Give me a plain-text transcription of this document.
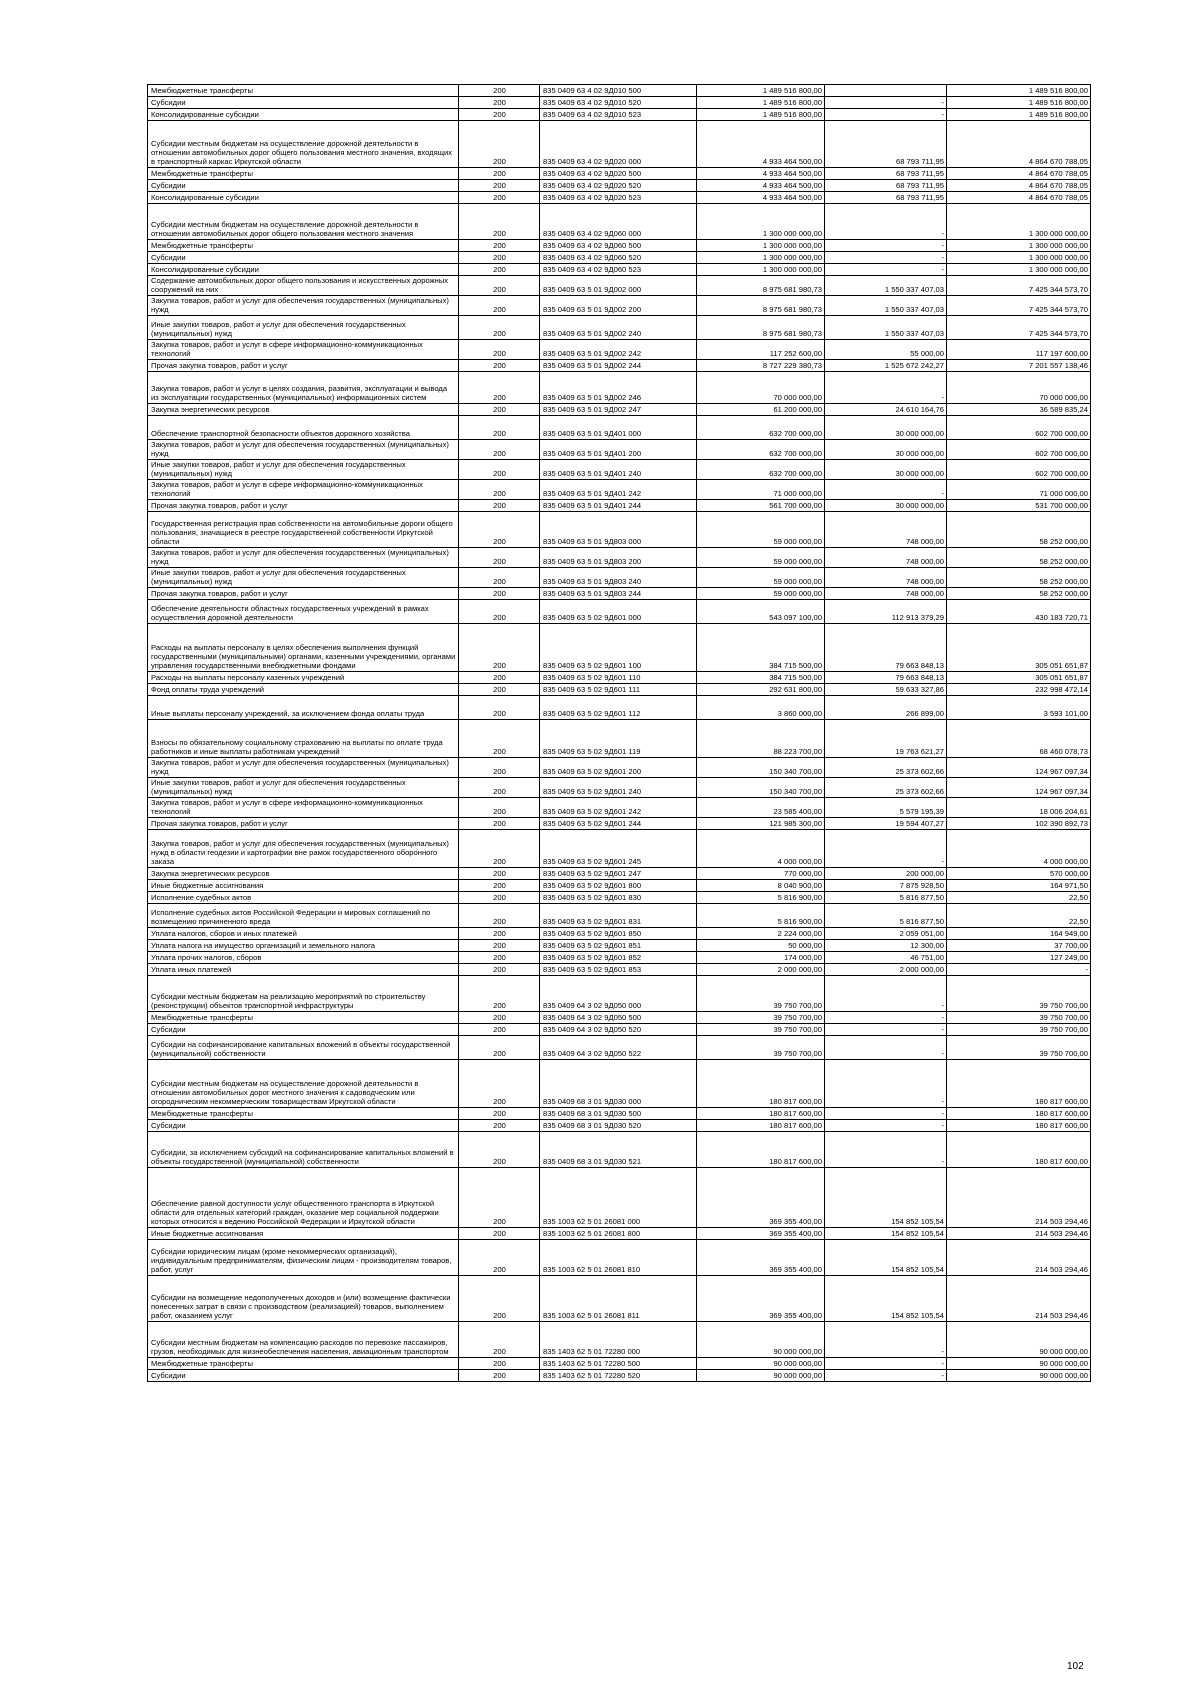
Межбюджетные трансферты	200	835 0409 63 4 02 9Д010 500	1 489 516 800,00		1 489 516 800,00
Субсидии	200	835 0409 63 4 02 9Д010 520	1 489 516 800,00	-	1 489 516 800,00
Консолидированные субсидии	200	835 0409 63 4 02 9Д010 523	1 489 516 800,00	-	1 489 516 800,00
Субсидии местным бюджетам на осуществление дорожной деятельности в отношении автомобильных дорог общего пользования местного значения, входящих в транспортный каркас Иркутской области	200	835 0409 63 4 02 9Д020 000	4 933 464 500,00	68 793 711,95	4 864 670 788,05
Межбюджетные трансферты	200	835 0409 63 4 02 9Д020 500	4 933 464 500,00	68 793 711,95	4 864 670 788,05
Субсидии	200	835 0409 63 4 02 9Д020 520	4 933 464 500,00	68 793 711,95	4 864 670 788,05
Консолидированные субсидии	200	835 0409 63 4 02 9Д020 523	4 933 464 500,00	68 793 711,95	4 864 670 788,05
Субсидии местным бюджетам на осуществление дорожной деятельности в отношении автомобильных дорог общего пользования местного значения	200	835 0409 63 4 02 9Д060 000	1 300 000 000,00	-	1 300 000 000,00
Межбюджетные трансферты	200	835 0409 63 4 02 9Д060 500	1 300 000 000,00	-	1 300 000 000,00
Субсидии	200	835 0409 63 4 02 9Д060 520	1 300 000 000,00	-	1 300 000 000,00
Консолидированные субсидии	200	835 0409 63 4 02 9Д060 523	1 300 000 000,00	-	1 300 000 000,00
Содержание автомобильных дорог общего пользования и искусственных дорожных сооружений на них	200	835 0409 63 5 01 9Д002 000	8 975 681 980,73	1 550 337 407,03	7 425 344 573,70
Закупка товаров, работ и услуг для обеспечения государственных (муниципальных) нужд	200	835 0409 63 5 01 9Д002 200	8 975 681 980,73	1 550 337 407,03	7 425 344 573,70
Иные закупки товаров, работ и услуг для обеспечения государственных (муниципальных) нужд	200	835 0409 63 5 01 9Д002 240	8 975 681 980,73	1 550 337 407,03	7 425 344 573,70
Закупка товаров, работ и услуг в сфере информационно-коммуникационных технологий	200	835 0409 63 5 01 9Д002 242	117 252 600,00	55 000,00	117 197 600,00
Прочая закупка товаров, работ и услуг	200	835 0409 63 5 01 9Д002 244	8 727 229 380,73	1 525 672 242,27	7 201 557 138,46
Закупка товаров, работ и услуг в целях создания, развития, эксплуатации и вывода из эксплуатации государственных (муниципальных) информационных систем	200	835 0409 63 5 01 9Д002 246	70 000 000,00	-	70 000 000,00
Закупка энергетических ресурсов	200	835 0409 63 5 01 9Д002 247	61 200 000,00	24 610 164,76	36 589 835,24
Обеспечение транспортной безопасности объектов дорожного хозяйства	200	835 0409 63 5 01 9Д401 000	632 700 000,00	30 000 000,00	602 700 000,00
Закупка товаров, работ и услуг для обеспечения государственных (муниципальных) нужд	200	835 0409 63 5 01 9Д401 200	632 700 000,00	30 000 000,00	602 700 000,00
Иные закупки товаров, работ и услуг для обеспечения государственных (муниципальных) нужд	200	835 0409 63 5 01 9Д401 240	632 700 000,00	30 000 000,00	602 700 000,00
Закупка товаров, работ и услуг в сфере информационно-коммуникационных технологий	200	835 0409 63 5 01 9Д401 242	71 000 000,00	-	71 000 000,00
Прочая закупка товаров, работ и услуг	200	835 0409 63 5 01 9Д401 244	561 700 000,00	30 000 000,00	531 700 000,00
Государственная регистрация прав собственности на автомобильные дороги общего пользования, значащиеся в реестре государственной собственности Иркутской области	200	835 0409 63 5 01 9Д803 000	59 000 000,00	748 000,00	58 252 000,00
Закупка товаров, работ и услуг для обеспечения государственных (муниципальных) нужд	200	835 0409 63 5 01 9Д803 200	59 000 000,00	748 000,00	58 252 000,00
Иные закупки товаров, работ и услуг для обеспечения государственных (муниципальных) нужд	200	835 0409 63 5 01 9Д803 240	59 000 000,00	748 000,00	58 252 000,00
Прочая закупка товаров, работ и услуг	200	835 0409 63 5 01 9Д803 244	59 000 000,00	748 000,00	58 252 000,00
Обеспечение деятельности областных государственных учреждений в рамках осуществления дорожной деятельности	200	835 0409 63 5 02 9Д601 000	543 097 100,00	112 913 379,29	430 183 720,71
Расходы на выплаты персоналу в целях обеспечения выполнения функций государственными (муниципальными) органами, казенными учреждениями, органами управления государственными внебюджетными фондами	200	835 0409 63 5 02 9Д601 100	384 715 500,00	79 663 848,13	305 051 651,87
Расходы на выплаты персоналу казенных учреждений	200	835 0409 63 5 02 9Д601 110	384 715 500,00	79 663 848,13	305 051 651,87
Фонд оплаты труда учреждений	200	835 0409 63 5 02 9Д601 111	292 631 800,00	59 633 327,86	232 998 472,14
Иные выплаты персоналу учреждений, за исключением фонда оплаты труда	200	835 0409 63 5 02 9Д601 112	3 860 000,00	266 899,00	3 593 101,00
Взносы по обязательному социальному страхованию на выплаты по оплате труда работников и иные выплаты работникам учреждений	200	835 0409 63 5 02 9Д601 119	88 223 700,00	19 763 621,27	68 460 078,73
Закупка товаров, работ и услуг для обеспечения государственных (муниципальных) нужд	200	835 0409 63 5 02 9Д601 200	150 340 700,00	25 373 602,66	124 967 097,34
Иные закупки товаров, работ и услуг для обеспечения государственных (муниципальных) нужд	200	835 0409 63 5 02 9Д601 240	150 340 700,00	25 373 602,66	124 967 097,34
Закупка товаров, работ и услуг в сфере информационно-коммуникационных технологий	200	835 0409 63 5 02 9Д601 242	23 585 400,00	5 579 195,39	18 006 204,61
Прочая закупка товаров, работ и услуг	200	835 0409 63 5 02 9Д601 244	121 985 300,00	19 594 407,27	102 390 892,73
Закупка товаров, работ и услуг для обеспечения государственных (муниципальных) нужд в области геодезии и картографии вне рамок государственного оборонного заказа	200	835 0409 63 5 02 9Д601 245	4 000 000,00	-	4 000 000,00
Закупка энергетических ресурсов	200	835 0409 63 5 02 9Д601 247	770 000,00	200 000,00	570 000,00
Иные бюджетные ассигнования	200	835 0409 63 5 02 9Д601 800	8 040 900,00	7 875 928,50	164 971,50
Исполнение судебных актов	200	835 0409 63 5 02 9Д601 830	5 816 900,00	5 816 877,50	22,50
Исполнение судебных актов Российской Федерации и мировых соглашений по возмещению причиненного вреда	200	835 0409 63 5 02 9Д601 831	5 816 900,00	5 816 877,50	22,50
Уплата налогов, сборов и иных платежей	200	835 0409 63 5 02 9Д601 850	2 224 000,00	2 059 051,00	164 949,00
Уплата налога на имущество организаций и земельного налога	200	835 0409 63 5 02 9Д601 851	50 000,00	12 300,00	37 700,00
Уплата прочих налогов, сборов	200	835 0409 63 5 02 9Д601 852	174 000,00	46 751,00	127 249,00
Уплата иных платежей	200	835 0409 63 5 02 9Д601 853	2 000 000,00	2 000 000,00	-
Субсидии местным бюджетам на реализацию мероприятий по строительству (реконструкции) объектов транспортной инфраструктуры	200	835 0409 64 3 02 9Д050 000	39 750 700,00	-	39 750 700,00
Межбюджетные трансферты	200	835 0409 64 3 02 9Д050 500	39 750 700,00	-	39 750 700,00
Субсидии	200	835 0409 64 3 02 9Д050 520	39 750 700,00	-	39 750 700,00
Субсидии на софинансирование капитальных вложений в объекты государственной (муниципальной) собственности	200	835 0409 64 3 02 9Д050 522	39 750 700,00	-	39 750 700,00
Субсидии местным бюджетам на осуществление дорожной деятельности в отношении автомобильных дорог местного значения к садоводческим или огородническим некоммерческим товариществам Иркутской области	200	835 0409 68 3 01 9Д030 000	180 817 600,00	-	180 817 600,00
Межбюджетные трансферты	200	835 0409 68 3 01 9Д030 500	180 817 600,00	-	180 817 600,00
Субсидии	200	835 0409 68 3 01 9Д030 520	180 817 600,00	-	180 817 600,00
Субсидии, за исключением субсидий на софинансирование капитальных вложений в объекты государственной (муниципальной) собственности	200	835 0409 68 3 01 9Д030 521	180 817 600,00	-	180 817 600,00
Обеспечение равной доступности услуг общественного транспорта в Иркутской области для отдельных категорий граждан, оказание мер социальной поддержки которых относится к ведению Российской Федерации и Иркутской области	200	835 1003 62 5 01 26081 000	369 355 400,00	154 852 105,54	214 503 294,46
Иные бюджетные ассигнования	200	835 1003 62 5 01 26081 800	369 355 400,00	154 852 105,54	214 503 294,46
Субсидии юридическим лицам (кроме некоммерческих организаций), индивидуальным предпринимателям, физическим лицам - производителям товаров, работ, услуг	200	835 1003 62 5 01 26081 810	369 355 400,00	154 852 105,54	214 503 294,46
Субсидии на возмещение недополученных доходов и (или) возмещение фактически понесенных затрат в связи с производством (реализацией) товаров, выполнением работ, оказанием услуг	200	835 1003 62 5 01 26081 811	369 355 400,00	154 852 105,54	214 503 294,46
Субсидии местным бюджетам на компенсацию расходов по перевозке пассажиров, грузов, необходимых для жизнеобеспечения населения, авиационным транспортом	200	835 1403 62 5 01 72280 000	90 000 000,00	-	90 000 000,00
Межбюджетные трансферты	200	835 1403 62 5 01 72280 500	90 000 000,00	-	90 000 000,00
Субсидии	200	835 1403 62 5 01 72280 520	90 000 000,00	-	90 000 000,00
102
